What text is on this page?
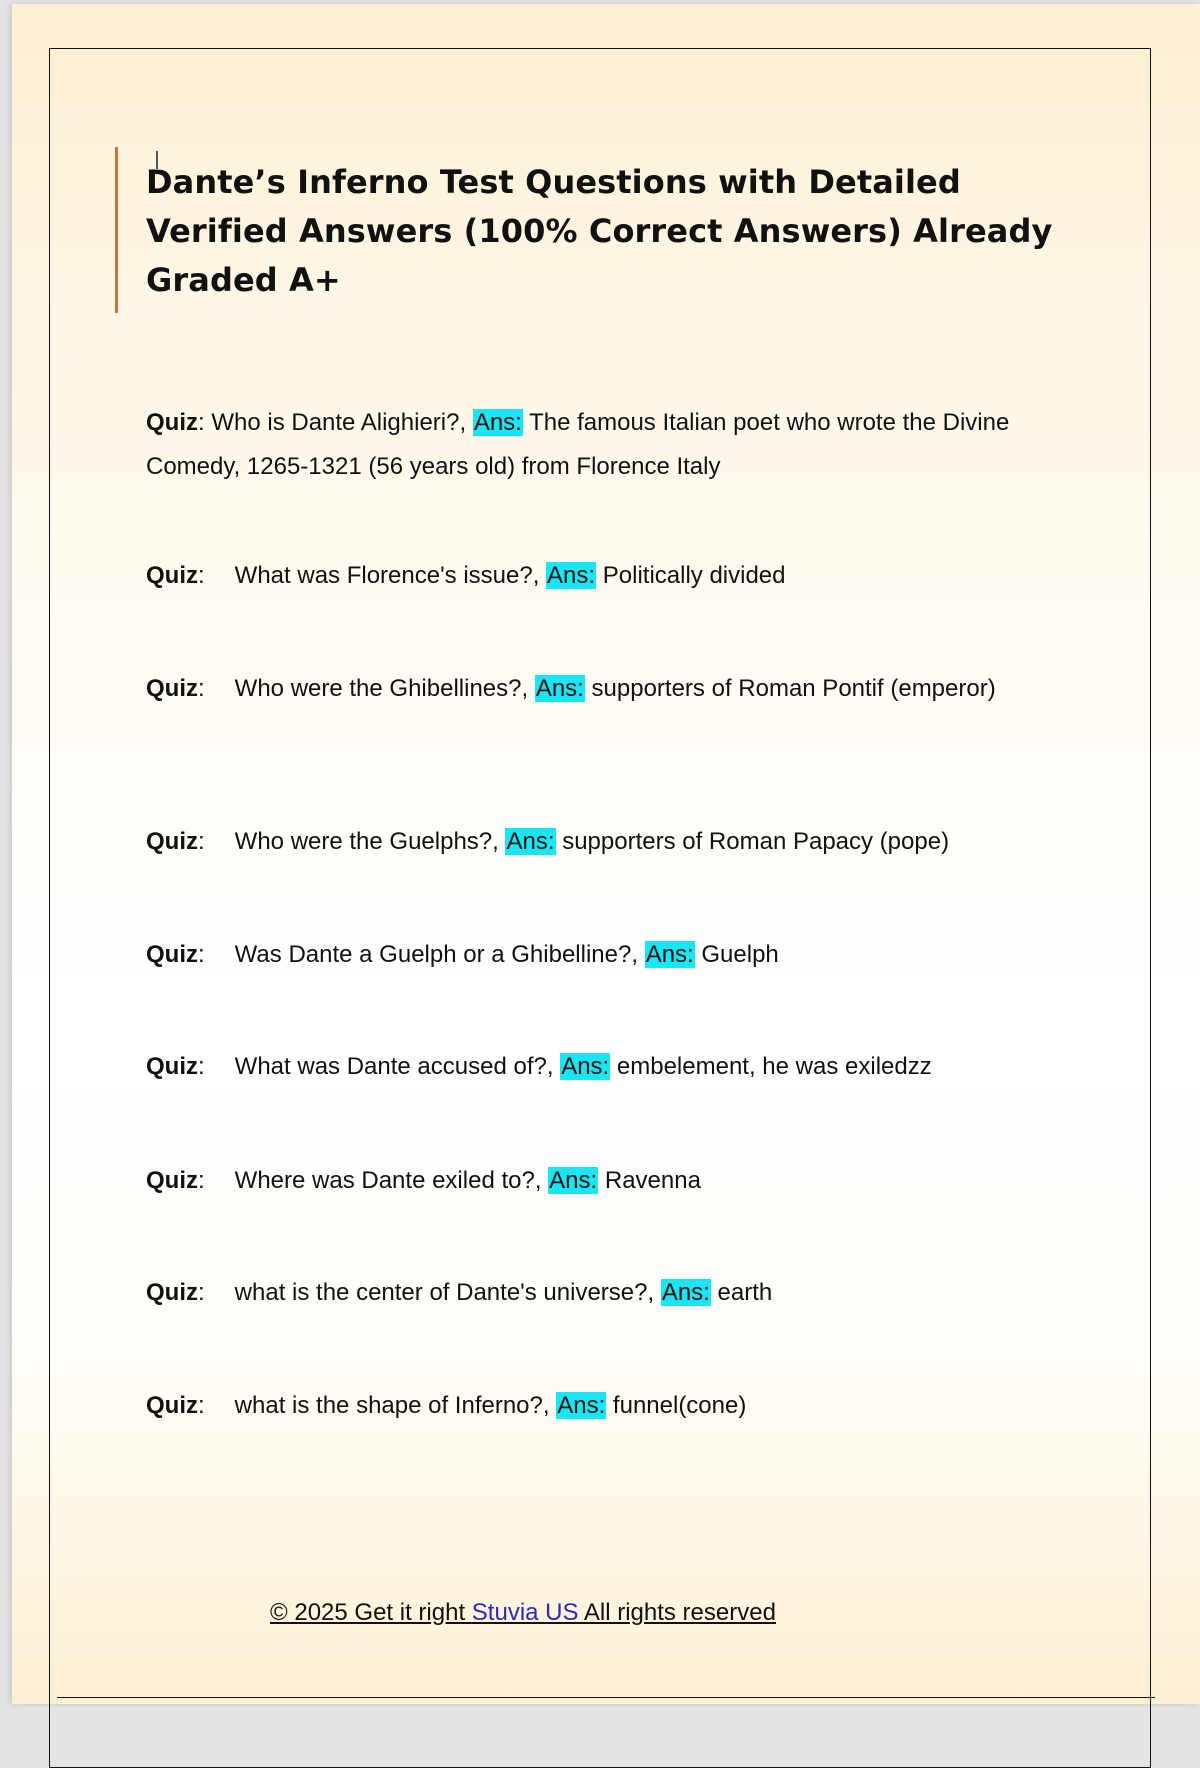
Dante’s Inferno Test Questions with Detailed Verified Answers (100% Correct Answers) Already Graded A+

Quiz: Who is Dante Alighieri?, Ans: The famous Italian poet who wrote the Divine Comedy, 1265-1321 (56 years old) from Florence Italy

Quiz: What was Florence's issue?, Ans: Politically divided

Quiz: Who were the Ghibellines?, Ans: supporters of Roman Pontif (emperor)

Quiz: Who were the Guelphs?, Ans: supporters of Roman Papacy (pope)

Quiz: Was Dante a Guelph or a Ghibelline?, Ans: Guelph

Quiz: What was Dante accused of?, Ans: embelement, he was exiledzz

Quiz: Where was Dante exiled to?, Ans: Ravenna

Quiz: what is the center of Dante's universe?, Ans: earth

Quiz: what is the shape of Inferno?, Ans: funnel(cone)

© 2025 Get it right Stuvia US All rights reserved
